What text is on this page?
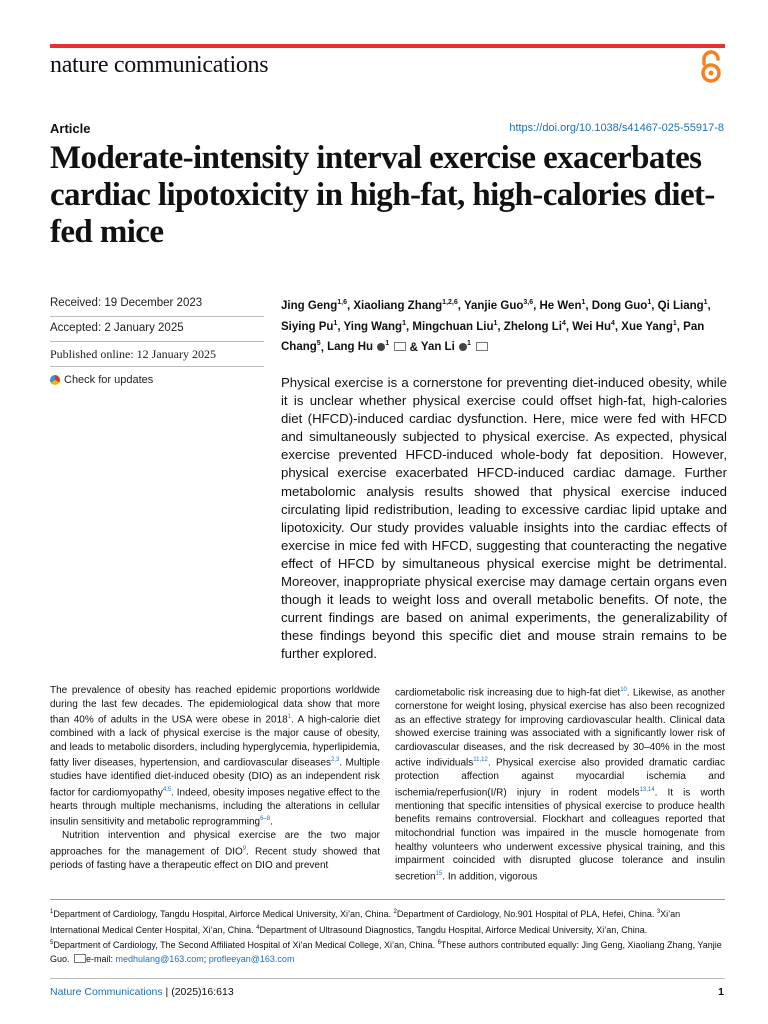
nature communications
Article	https://doi.org/10.1038/s41467-025-55917-8
Moderate-intensity interval exercise exacerbates cardiac lipotoxicity in high-fat, high-calories diet-fed mice
Received: 19 December 2023
Accepted: 2 January 2025
Published online: 12 January 2025
Check for updates
Jing Geng$^{1,6}$, Xiaoliang Zhang$^{1,2,6}$, Yanjie Guo$^{3,6}$, He Wen$^1$, Dong Guo$^1$, Qi Liang$^1$, Siying Pu$^1$, Ying Wang$^1$, Mingchuan Liu$^1$, Zhelong Li$^4$, Wei Hu$^4$, Xue Yang$^1$, Pan Chang$^5$, Lang Hu $^1$ & Yan Li $^1$

Physical exercise is a cornerstone for preventing diet-induced obesity, while it is unclear whether physical exercise could offset high-fat, high-calories diet (HFCD)-induced cardiac dysfunction. Here, mice were fed with HFCD and simultaneously subjected to physical exercise. As expected, physical exercise prevented HFCD-induced whole-body fat deposition. However, physical exercise exacerbated HFCD-induced cardiac damage. Further metabolomic analysis results showed that physical exercise induced circulating lipid redistribution, leading to excessive cardiac lipid uptake and lipotoxicity. Our study provides valuable insights into the cardiac effects of exercise in mice fed with HFCD, suggesting that counteracting the negative effect of HFCD by simultaneous physical exercise might be detrimental. Moreover, inappropriate physical exercise may damage certain organs even though it leads to weight loss and overall metabolic benefits. Of note, the current findings are based on animal experiments, the generalizability of these findings beyond this specific diet and mouse strain remains to be further explored.

The prevalence of obesity has reached epidemic proportions worldwide during the last few decades. The epidemiological data show that more than 40% of adults in the USA were obese in 2018$^1$. A high-calorie diet combined with a lack of physical exercise is the major cause of obesity, and leads to metabolic disorders, including hyperglycemia, hyperlipidemia, fatty liver diseases, hypertension, and cardiovascular diseases$^{2,3}$. Multiple studies have identified diet-induced obesity (DIO) as an independent risk factor for cardiomyopathy$^{4,5}$. Indeed, obesity imposes negative effect to the hearts through multiple mechanisms, including the alterations in cellular insulin sensitivity and metabolic reprogramming$^{6-8}$.

Nutrition intervention and physical exercise are the two major approaches for the management of DIO$^9$. Recent study showed that periods of fasting have a therapeutic effect on DIO and prevent

cardiometabolic risk increasing due to high-fat diet$^{10}$. Likewise, as another cornerstone for weight losing, physical exercise has also been recognized as an effective strategy for improving cardiovascular health. Clinical data showed exercise training was associated with a significantly lower risk of cardiovascular diseases, and the risk decreased by 30–40% in the most active individuals$^{11,12}$. Physical exercise also provided dramatic cardiac protection affection against myocardial ischemia and ischemia/reperfusion(I/R) injury in rodent models$^{13,14}$. It is worth mentioning that specific intensities of physical exercise to produce health benefits remains controversial. Flockhart and colleagues reported that mitochondrial function was impaired in the muscle homogenate from healthy volunteers who underwent excessive physical training, and this impairment coincided with disrupted glucose tolerance and insulin secretion$^{15}$. In addition, vigorous

$^1$Department of Cardiology, Tangdu Hospital, Airforce Medical University, Xi’an, China. $^2$Department of Cardiology, No.901 Hospital of PLA, Hefei, China. $^3$Xi’an International Medical Center Hospital, Xi’an, China. $^4$Department of Ultrasound Diagnostics, Tangdu Hospital, Airforce Medical University, Xi’an, China.
$^5$Department of Cardiology, The Second Affiliated Hospital of Xi’an Medical College, Xi’an, China. $^6$These authors contributed equally: Jing Geng, Xiaoliang Zhang, Yanjie Guo. e-mail: medhulang@163.com; profleeyan@163.com

Nature Communications | (2025)16:613	1
